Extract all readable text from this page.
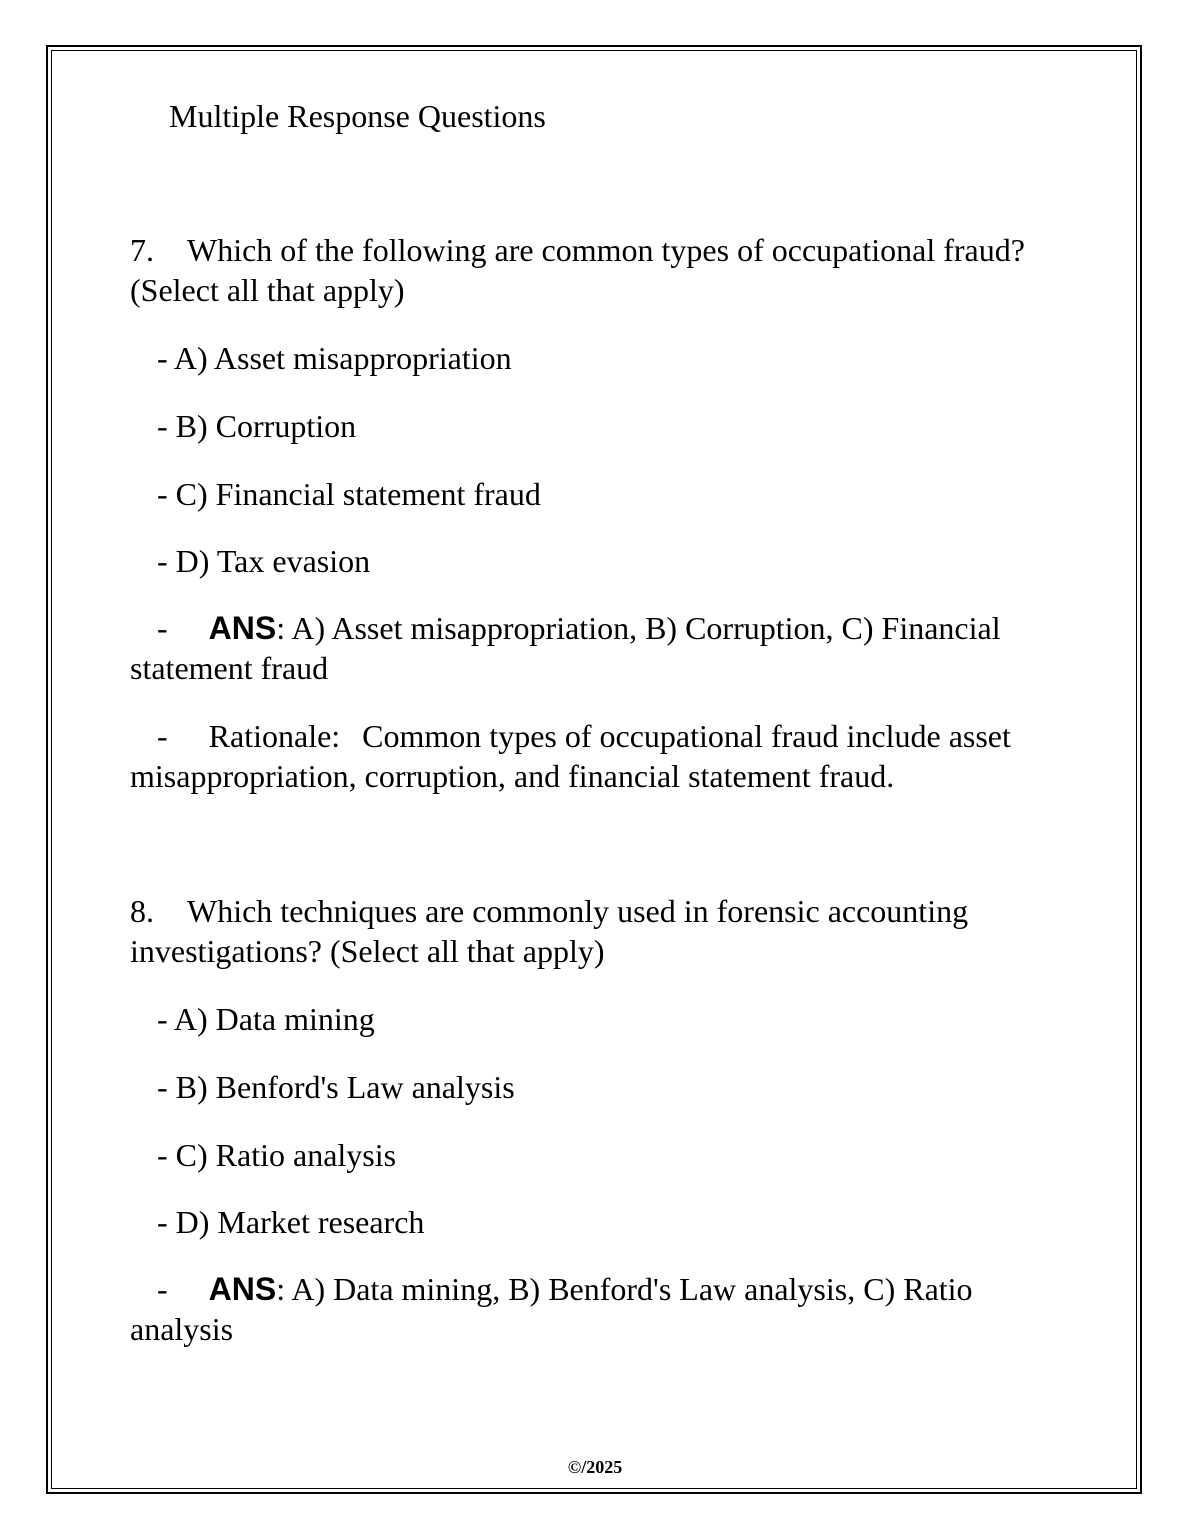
Multiple Response Questions
7. Which of the following are common types of occupational fraud? (Select all that apply)
- A) Asset misappropriation
- B) Corruption
- C) Financial statement fraud
- D) Tax evasion
- ANS: A) Asset misappropriation, B) Corruption, C) Financial statement fraud
- Rationale: Common types of occupational fraud include asset misappropriation, corruption, and financial statement fraud.
8. Which techniques are commonly used in forensic accounting investigations? (Select all that apply)
- A) Data mining
- B) Benford's Law analysis
- C) Ratio analysis
- D) Market research
- ANS: A) Data mining, B) Benford's Law analysis, C) Ratio analysis
©/2025
